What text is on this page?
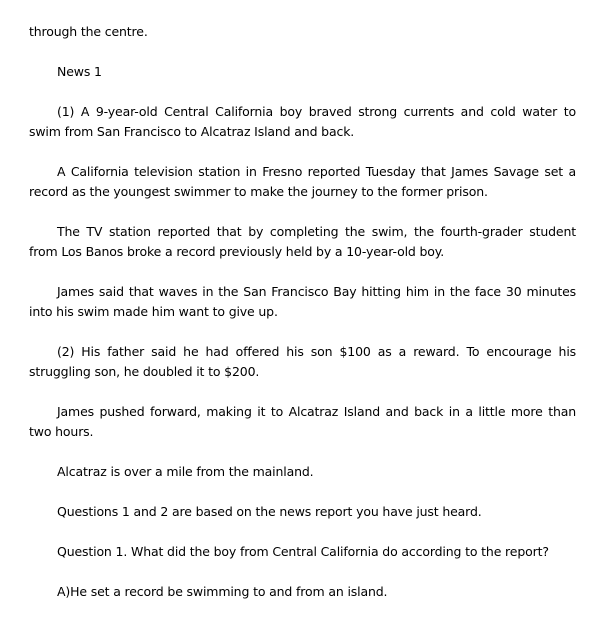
through the centre.

News 1

(1) A 9-year-old Central California boy braved strong currents and cold water to swim from San Francisco to Alcatraz Island and back.

A California television station in Fresno reported Tuesday that James Savage set a record as the youngest swimmer to make the journey to the former prison.

The TV station reported that by completing the swim, the fourth-grader student from Los Banos broke a record previously held by a 10-year-old boy.

James said that waves in the San Francisco Bay hitting him in the face 30 minutes into his swim made him want to give up.

(2) His father said he had offered his son $100 as a reward. To encourage his struggling son, he doubled it to $200.

James pushed forward, making it to Alcatraz Island and back in a little more than two hours.

Alcatraz is over a mile from the mainland.

Questions 1 and 2 are based on the news report you have just heard.

Question 1. What did the boy from Central California do according to the report?

A)He set a record be swimming to and from an island.
